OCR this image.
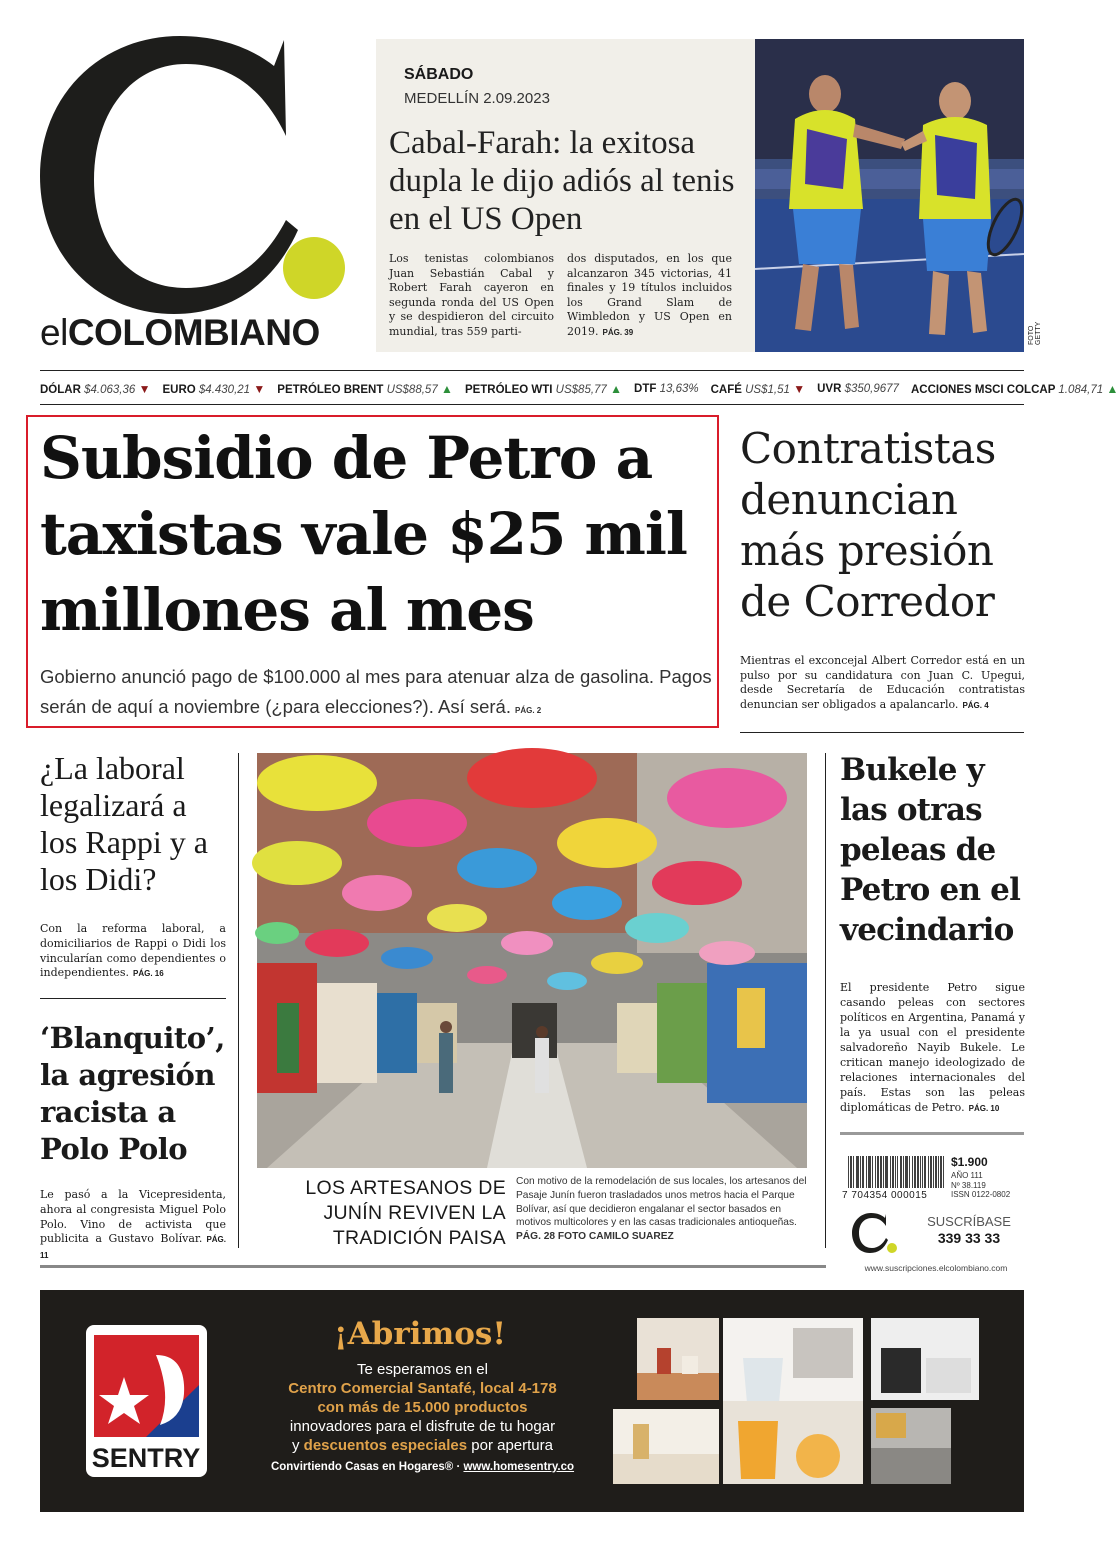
elCOLOMBIANO
SÁBADO
MEDELLÍN 2.09.2023
Cabal-Farah: la exitosa dupla le dijo adiós al tenis en el US Open
Los tenistas colombianos Juan Sebastián Cabal y Robert Farah cayeron en segunda ronda del US Open y se despidieron del circuito mundial, tras 559 parti-
dos disputados, en los que alcanzaron 345 victorias, 41 finales y 19 títulos incluidos los Grand Slam de Wimbledon y US Open en 2019. PÁG. 39	FOTO GETTY
DÓLAR $4.063,36 ▼ EURO $4.430,21 ▼ PETRÓLEO BRENT US$88,57 ▲ PETRÓLEO WTI US$85,77 ▲ DTF 13,63% CAFÉ US$1,51 ▼ UVR $350,9677 ACCIONES MSCI COLCAP 1.084,71 ▲
Subsidio de Petro a taxistas vale $25 mil millones al mes
Gobierno anunció pago de $100.000 al mes para atenuar alza de gasolina. Pagos serán de aquí a noviembre (¿para elecciones?). Así será. PÁG. 2
Contratistas denuncian más presión de Corredor
Mientras el exconcejal Albert Corredor está en un pulso por su candidatura con Juan C. Upegui, desde Secretaría de Educación contratistas denuncian ser obligados a apalancarlo. PÁG. 4
¿La laboral legalizará a los Rappi y a los Didi?
Con la reforma laboral, a domiciliarios de Rappi o Didi los vincularían como dependientes o independientes. PÁG. 16
‘Blanquito’, la agresión racista a Polo Polo
Le pasó a la Vicepresidenta, ahora al congresista Miguel Polo Polo. Vino de activista que publicita a Gustavo Bolívar. PÁG. 11
LOS ARTESANOS DE JUNÍN REVIVEN LA TRADICIÓN PAISA
Con motivo de la remodelación de sus locales, los artesanos del Pasaje Junín fueron trasladados unos metros hacia el Parque Bolívar, así que decidieron engalanar el sector basados en motivos multicolores y en las casas tradicionales antioqueñas. PÁG. 28 FOTO CAMILO SUAREZ
Bukele y las otras peleas de Petro en el vecindario
El presidente Petro sigue casando peleas con sectores políticos en Argentina, Panamá y la ya usual con el presidente salvadoreño Nayib Bukele. Le critican manejo ideologizado de relaciones internacionales del país. Estas son las peleas diplomáticas de Petro. PÁG. 10
7 704354 000015
$1.900
AÑO 111
Nº 38.119
ISSN 0122-0802
SUSCRÍBASE
339 33 33
www.suscripciones.elcolombiano.com
SENTRY
¡Abrimos!
Te esperamos en el
Centro Comercial Santafé, local 4-178
con más de 15.000 productos
innovadores para el disfrute de tu hogar
y descuentos especiales por apertura
Convirtiendo Casas en Hogares® · www.homesentry.co
